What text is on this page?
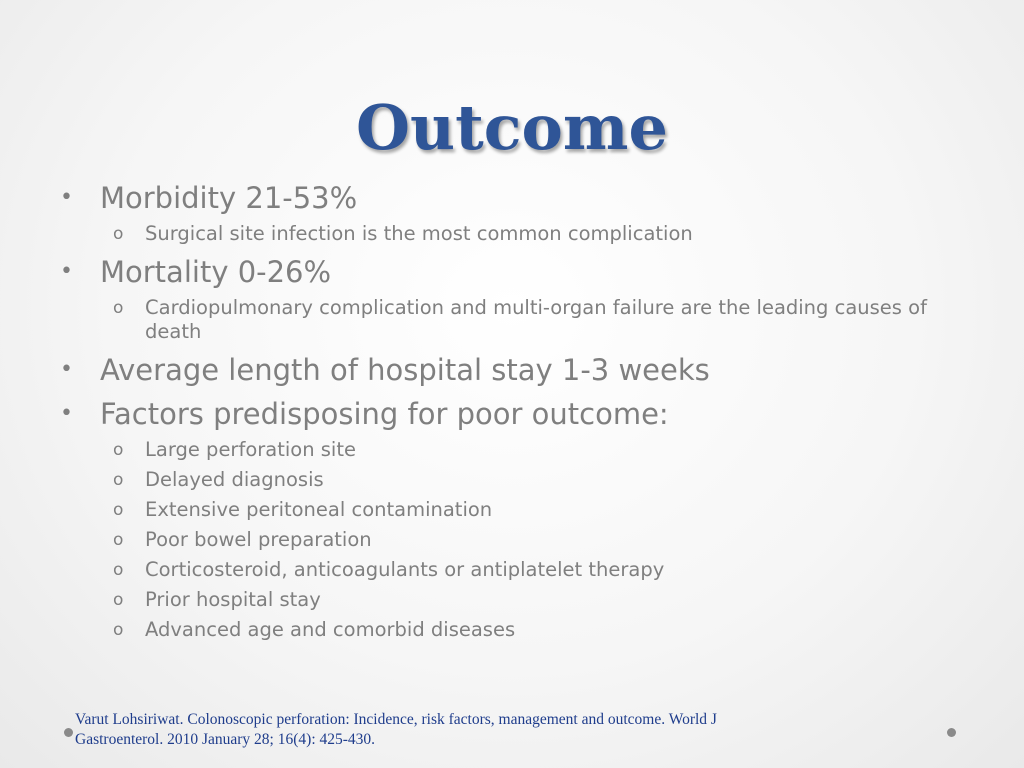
Outcome
• Morbidity 21-53%
o Surgical site infection is the most common complication
• Mortality 0-26%
o Cardiopulmonary complication and multi-organ failure are the leading causes of death
• Average length of hospital stay 1-3 weeks
• Factors predisposing for poor outcome:
o Large perforation site
o Delayed diagnosis
o Extensive peritoneal contamination
o Poor bowel preparation
o Corticosteroid, anticoagulants or antiplatelet therapy
o Prior hospital stay
o Advanced age and comorbid diseases
Varut Lohsiriwat. Colonoscopic perforation: Incidence, risk factors, management and outcome. World J
Gastroenterol. 2010 January 28; 16(4): 425-430.
